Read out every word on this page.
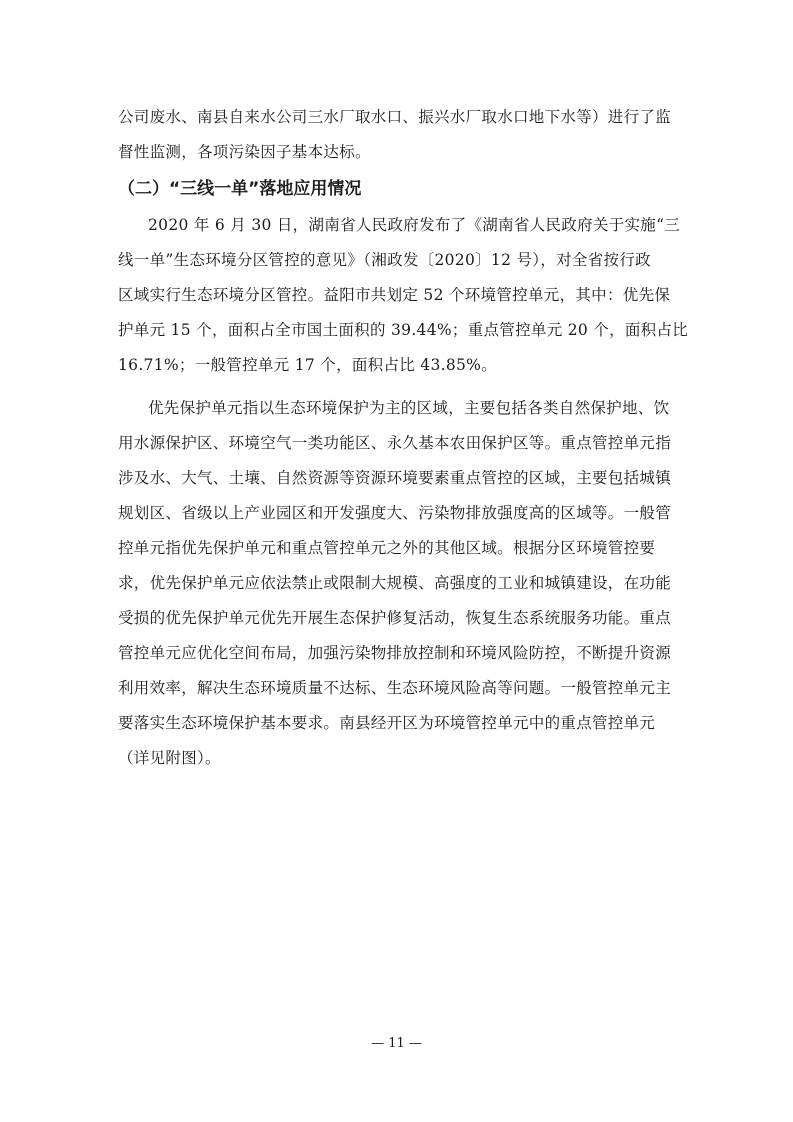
公司废水、南县自来水公司三水厂取水口、振兴水厂取水口地下水等）进行了监
督性监测，各项污染因子基本达标。
（二）“三线一单”落地应用情况
2020 年 6 月 30 日，湖南省人民政府发布了《湖南省人民政府关于实施“三
线一单”生态环境分区管控的意见》（湘政发〔2020〕12 号），对全省按行政
区域实行生态环境分区管控。益阳市共划定 52 个环境管控单元，其中：优先保
护单元 15 个，面积占全市国土面积的 39.44%；重点管控单元 20 个，面积占比
16.71%；一般管控单元 17 个，面积占比 43.85%。
优先保护单元指以生态环境保护为主的区域，主要包括各类自然保护地、饮
用水源保护区、环境空气一类功能区、永久基本农田保护区等。重点管控单元指
涉及水、大气、土壤、自然资源等资源环境要素重点管控的区域，主要包括城镇
规划区、省级以上产业园区和开发强度大、污染物排放强度高的区域等。一般管
控单元指优先保护单元和重点管控单元之外的其他区域。根据分区环境管控要
求，优先保护单元应依法禁止或限制大规模、高强度的工业和城镇建设，在功能
受损的优先保护单元优先开展生态保护修复活动，恢复生态系统服务功能。重点
管控单元应优化空间布局，加强污染物排放控制和环境风险防控，不断提升资源
利用效率，解决生态环境质量不达标、生态环境风险高等问题。一般管控单元主
要落实生态环境保护基本要求。南县经开区为环境管控单元中的重点管控单元
（详见附图）。
— 11 —
